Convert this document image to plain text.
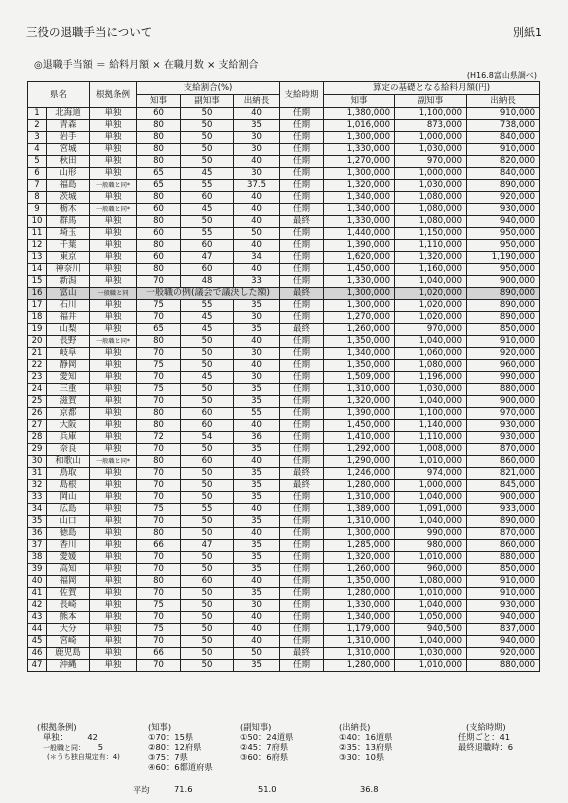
三役の退職手当について	別紙1
◎退職手当額 ＝ 給料月額 × 在職月数 × 支給割合
(H16.8富山県調べ)
県名		根拠条例	支給割合(%)			支給時期	算定の基礎となる給料月額(円)		
			知事	副知事	出納長		知事	副知事	出納長
1	北海道	単独	60	50	40	任期	1,380,000	1,100,000	910,000
2	青森	単独	80	50	35	任期	1,016,000	873,000	738,000
3	岩手	単独	80	50	30	任期	1,300,000	1,000,000	840,000
4	宮城	単独	80	50	30	任期	1,330,000	1,030,000	910,000
5	秋田	単独	80	50	40	任期	1,270,000	970,000	820,000
6	山形	単独	65	45	30	任期	1,300,000	1,000,000	840,000
7	福島	一般職と同*	65	55	37.5	任期	1,320,000	1,030,000	890,000
8	茨城	単独	80	60	40	任期	1,340,000	1,080,000	920,000
9	栃木	一般職と同*	60	45	40	任期	1,340,000	1,080,000	930,000
10	群馬	単独	80	50	40	最終	1,330,000	1,080,000	940,000
11	埼玉	単独	60	55	50	任期	1,440,000	1,150,000	950,000
12	千葉	単独	80	60	40	任期	1,390,000	1,110,000	950,000
13	東京	単独	60	47	34	任期	1,620,000	1,320,000	1,190,000
14	神奈川	単独	80	60	40	任期	1,450,000	1,160,000	950,000
15	新潟	単独	70	48	33	任期	1,330,000	1,040,000	900,000
16	富山	一般職と同	一般職の例(議会で議決した額)			最終	1,300,000	1,020,000	890,000
17	石川	単独	75	55	35	任期	1,300,000	1,020,000	890,000
18	福井	単独	70	45	30	任期	1,270,000	1,020,000	890,000
19	山梨	単独	65	45	35	最終	1,260,000	970,000	850,000
20	長野	一般職と同*	80	50	40	任期	1,350,000	1,040,000	910,000
21	岐阜	単独	70	50	30	任期	1,340,000	1,060,000	920,000
22	静岡	単独	75	50	40	任期	1,350,000	1,080,000	960,000
23	愛知	単独	70	45	30	任期	1,509,000	1,196,000	990,000
24	三重	単独	75	50	35	任期	1,310,000	1,030,000	880,000
25	滋賀	単独	70	50	35	任期	1,320,000	1,040,000	900,000
26	京都	単独	80	60	55	任期	1,390,000	1,100,000	970,000
27	大阪	単独	80	60	40	任期	1,450,000	1,140,000	930,000
28	兵庫	単独	72	54	36	任期	1,410,000	1,110,000	930,000
29	奈良	単独	70	50	35	任期	1,292,000	1,008,000	870,000
30	和歌山	一般職と同*	80	60	40	任期	1,290,000	1,010,000	860,000
31	鳥取	単独	70	50	35	最終	1,246,000	974,000	821,000
32	島根	単独	70	50	35	最終	1,280,000	1,000,000	845,000
33	岡山	単独	70	50	35	任期	1,310,000	1,040,000	900,000
34	広島	単独	75	55	40	任期	1,389,000	1,091,000	933,000
35	山口	単独	70	50	35	任期	1,310,000	1,040,000	890,000
36	徳島	単独	80	50	40	任期	1,300,000	990,000	870,000
37	香川	単独	66	47	35	任期	1,285,000	980,000	860,000
38	愛媛	単独	70	50	35	任期	1,320,000	1,010,000	880,000
39	高知	単独	70	50	35	任期	1,260,000	960,000	850,000
40	福岡	単独	80	60	40	任期	1,350,000	1,080,000	910,000
41	佐賀	単独	70	50	35	任期	1,280,000	1,010,000	910,000
42	長崎	単独	75	50	30	任期	1,330,000	1,040,000	930,000
43	熊本	単独	70	50	40	任期	1,340,000	1,050,000	940,000
44	大分	単独	75	50	40	任期	1,179,000	940,500	837,000
45	宮崎	単独	70	50	40	任期	1,310,000	1,040,000	940,000
46	鹿児島	単独	66	50	50	最終	1,310,000	1,030,000	920,000
47	沖縄	単独	70	50	35	任期	1,280,000	1,010,000	880,000
(根拠条例)
単独： 42
一般職と同： 5
(＊うち独自規定有：4)
(知事)
①70：15県
②80：12府県
③75：7県
④60：6都道府県
(副知事)
①50：24道県
②45：7府県
③60：6府県
(出納長)
①40：16道県
②35：13府県
③30：10県
(支給時期)
任期ごと：41
最終退職時：6
平均	71.6	51.0	36.8
